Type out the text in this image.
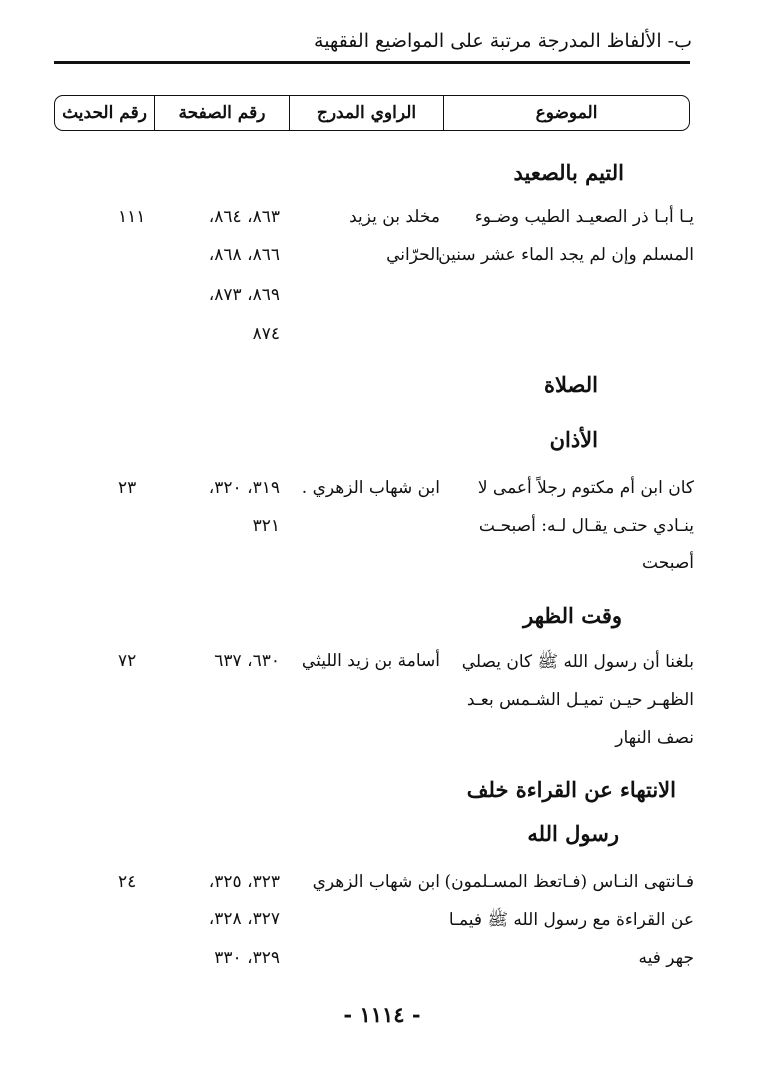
ب- الألفاظ المدرجة مرتبة على المواضيع الفقهية
الموضوع
الراوي المدرج
رقم الصفحة
رقم الحديث
التيم بالصعيد
يـا أبـا ذر الصعيـد الطيب وضـوء
المسلم وإن لم يجد الماء عشر سنين
مخلد بن يزيد
الحرّاني
٨٦٣، ٨٦٤،
٨٦٦، ٨٦٨،
٨٦٩، ٨٧٣،
٨٧٤
١١١
الصلاة
الأذان
كان ابن أم مكتوم رجلاً أعمى لا
ينـادي حتـى يقـال لـه: أصبحـت
أصبحت
ابن شهاب الزهري .
٣١٩، ٣٢٠،
٣٢١
٢٣
وقت الظهر
بلغنا أن رسول الله ﷺ كان يصلي
الظهـر حيـن تميـل الشـمس بعـد
نصف النهار
أسامة بن زيد الليثي
٦٣٠، ٦٣٧
٧٢
الانتهاء عن القراءة خلف
رسول الله
فـانتهى النـاس (فـاتعظ المسـلمون)
عن القراءة مع رسول الله ﷺ فيمـا
جهر فيه
ابن شهاب الزهري
٣٢٣، ٣٢٥،
٣٢٧، ٣٢٨،
٣٢٩، ٣٣٠
٢٤
- ١١١٤ -
